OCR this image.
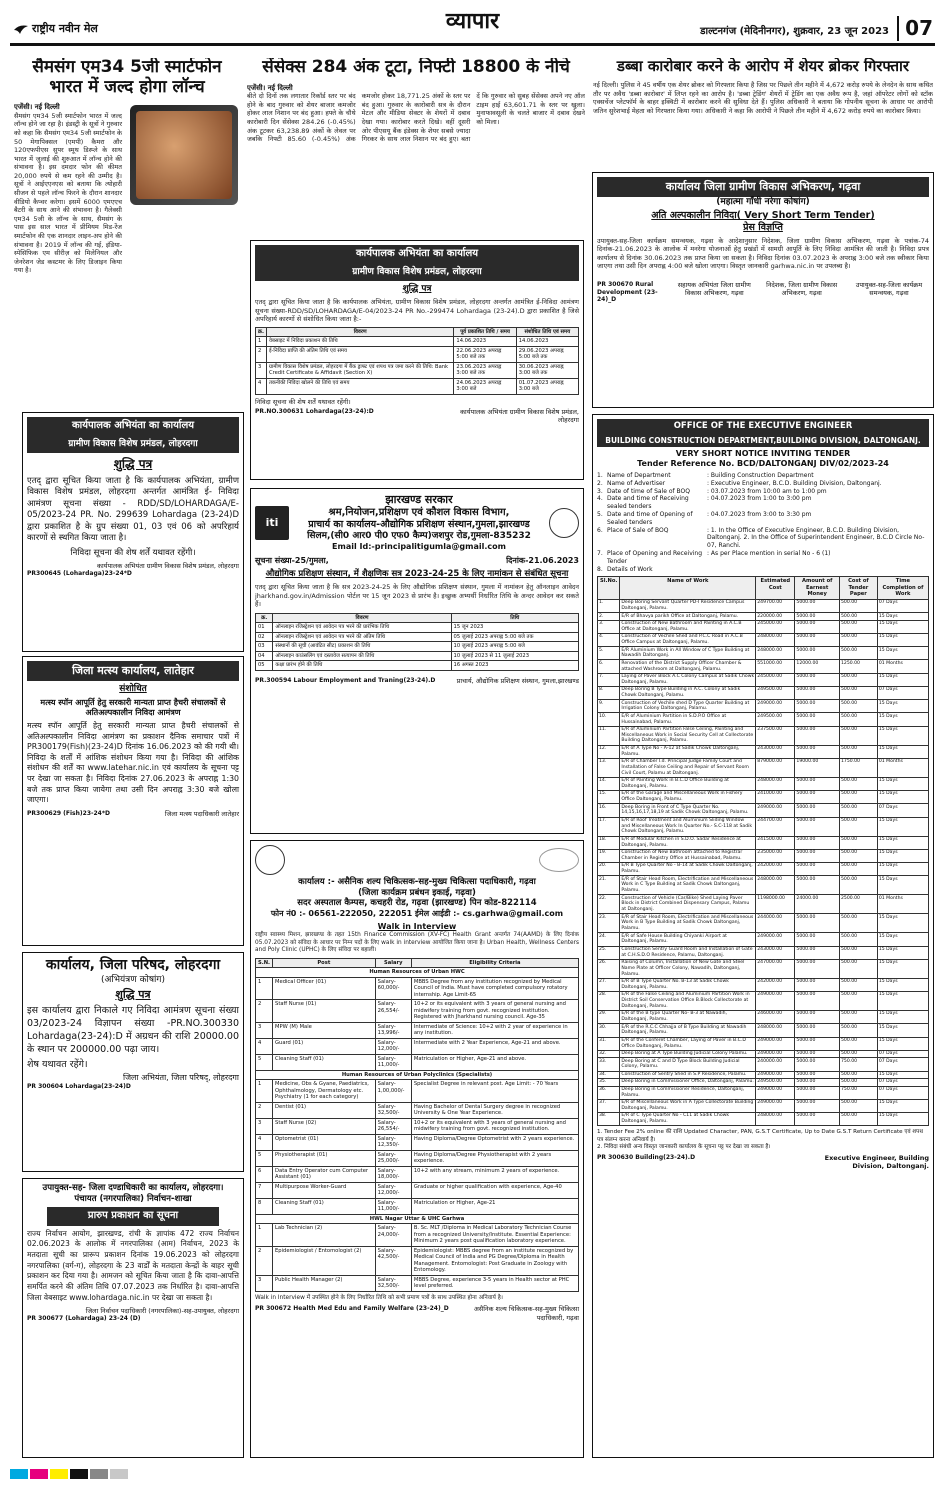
राष्ट्रीय नवीन मेल	व्यापार	डाल्टनगंज (मेदिनीनगर), शुक्रवार, 23 जून 2023 07
सैमसंग एम34 5जी स्मार्टफोन भारत में जल्द होगा लॉन्च
एजेंसी। नई दिल्ली
सैमसंग एम34 5जी स्मार्टफोन भारत में जल्द लॉन्च होने जा रहा है। इंडस्ट्री के सूत्रों ने गुरुवार को कहा कि सैमसंग एम34 5जी स्मार्टफोन के 50 मेगापिक्सल (एमपी) कैमरा और 120एफपीएस सुपर स्मूथ डिस्प्ले के साथ भारत में जुलाई की शुरुआत में लॉन्च होने की संभावना है। इस दमदार फोन की कीमत 20,000 रुपये से कम रहने की उम्मीद है। सूत्रों ने आईएएनएस को बताया कि त्योहारी सीजन से पहले लॉन्च फिरने के दौरान शानदार वीडियो कैप्चर करेगा। इसमें 6000 एमएएच बैटरी के साथ आने की संभावना है। गैलेक्सी एम34 5जी के लॉन्च के साथ, सैमसंग के पास इस साल भारत में प्रीमियम मिड-रेंज स्मार्टफोन की एक शानदार लाइन-अप होने की संभावना है। 2019 में लॉन्च की गई, इंडिया-स्पेसिफिक एम सीरीज़ को मिलेनियल और जेनरेशन जेड कस्टमर के लिए डिजाइन किया गया है।
सेंसेक्स 284 अंक टूटा, निफ्टी 18800 के नीचे
एजेंसी। नई दिल्ली
बीते दो दिनों तक लगातार रिकॉर्ड स्तर पर बंद होने के बाद गुरुवार को शेयर बाजार कमजोर होकर लाल निशान पर बंद हुआ। हफ्ते के चौथे कारोबारी दिन सेंसेक्स 284.26 (-0.45%) अंक टूटकर 63,238.89 अंकों के लेवल पर जबकि निफ्टी 85.60 (-0.45%) अंक कमजोर होकर 18,771.25 अंकों के स्तर पर बंद हुआ। गुरुवार के कारोबारी सत्र के दौरान मेटल और मीडिया सेक्टर के शेयरों में दबाव देखा गया। कारोबार करते दिखे। वहीं दूसरी ओर पीएसयू बैंक इंडेक्स के शेयर सबसे ज्यादा गिरकर के साथ लाल निशान पर बंद हुए। बता दें कि गुरुवार को सुबह सेंसेक्स अपने नए ऑल टाइम हाई 63,601.71 के स्तर पर खुला। मुनाफावसूली के चलते बाजार में दबाव देखने को मिला।
डब्बा कारोबार करने के आरोप में शेयर ब्रोकर गिरफ्तार
नई दिल्ली। पुलिस ने 45 वर्षीय एक शेयर ब्रोकर को गिरफ्तार किया है जिस पर पिछले तीन महीने में 4,672 करोड़ रुपये के लेनदेन के साथ कथित तौर पर अवैध 'डब्बा कारोबार' में लिप्त रहने का आरोप है। 'डब्बा ट्रेडिंग' शेयरों में ट्रेडिंग का एक अवैध रूप है, जहां ऑपरेटर लोगों को स्टॉक एक्सचेंज प्लेटफॉर्म के बाहर इक्विटी में कारोबार करने की सुविधा देते हैं। पुलिस अधिकारी ने बताया कि गोपनीय सूचना के आधार पर आरोपी जतिन सुरेशभाई मेहता को गिरफ्तार किया गया। अधिकारी ने कहा कि आरोपी ने पिछले तीन महीने में 4,672 करोड़ रुपये का कारोबार किया।
कार्यपालक अभियंता का कार्यालय
ग्रामीण विकास विशेष प्रमंडल, लोहरदगा
शुद्धि पत्र
एतद् द्वारा सूचित किया जाता है कि कार्यपालक अभियंता, ग्रामीण विकास विशेष प्रमंडल, लोहरदगा अन्तर्गत आमंत्रित ई-निविदा आमंत्रण सूचना संख्या-RDD/SD/LOHARDAGA/E-04/2023-24 PR No.-299474 Lohardaga (23-24).D द्वारा प्रकाशित है जिसे अपरिहार्य कारणों से संशोधित किया जाता है:-
क्र.	विवरण	पूर्व प्रकाशित तिथि / समय	संशोधित तिथि एवं समय
1	वेबसाइट में निविदा प्रकाशन की तिथि	14.06.2023	14.06.2023
2	ई-निविदा प्राप्ति की अंतिम तिथि एवं समय	22.06.2023 अपराह्न 5:00 बजे तक	29.06.2023 अपराह्न 5:00 बजे तक
3	ग्रामीण विकास विशेष प्रमंडल, लोहरदगा में बैंक ड्राफ्ट एवं शपथ पत्र जमा करने की तिथि: Bank Credit Certificate & Affidavit (Section X)	23.06.2023 अपराह्न 3:00 बजे तक	30.06.2023 अपराह्न 3:00 बजे तक
4	तकनीकी निविदा खोलने की तिथि एवं समय	24.06.2023 अपराह्न 3:00 बजे	01.07.2023 अपराह्न 3:00 बजे
निविदा सूचना की शेष शर्तें यथावत रहेंगी।
PR.NO.300631 Lohardaga(23-24):D	कार्यपालक अभियंता ग्रामीण विकास विशेष प्रमंडल, लोहरदगा
कार्यपालक अभियंता का कार्यालय
ग्रामीण विकास विशेष प्रमंडल, लोहरदगा
शुद्धि पत्र
एतद् द्वारा सूचित किया जाता है कि कार्यपालक अभियंता, ग्रामीण विकास विशेष प्रमंडल, लोहरदगा अन्तर्गत आमंत्रित ई- निविदा आमंत्रण सूचना संख्या - RDD/SD/LOHARDAGA/E-05/2023-24 PR. No. 299639 Lohardaga (23-24)D द्वारा प्रकाशित है के ग्रुप संख्या 01, 03 एवं 06 को अपरिहार्य कारणों से स्थगित किया जाता है।
निविदा सूचना की शेष शर्तें यथावत रहेंगी।
कार्यपालक अभियंता ग्रामीण विकास विशेष प्रमंडल, लोहरदगा
PR300645 (Lohardaga)23-24*D
जिला मत्स्य कार्यालय, लातेहार
संशोधित
मत्स्य स्पॉन आपूर्ति हेतु सरकारी मान्यता प्राप्त हैचरी संचालकों से अतिअल्पकालीन निविदा आमंत्रण
मत्स्य स्पॉन आपूर्ति हेतु सरकारी मान्यता प्राप्त हैचरी संचालकों से अतिअल्पकालीन निविदा आमंत्रण का प्रकाशन दैनिक समाचार पत्रों में PR300179(Fish)(23-24)D दिनांक 16.06.2023 को की गयी थी। निविदा के शर्तों में आंशिक संशोधन किया गया है। निविदा की आंशिक संशोधन की शर्तें का www.latehar.nic.in एवं कार्यालय के सूचना पट्ट पर देखा जा सकता है। निविदा दिनांक 27.06.2023 के अपराह्न 1:30 बजे तक प्राप्त किया जायेगा तथा उसी दिन अपराह्न 3:30 बजे खोला जाएगा।
PR300629 (Fish)23-24*D	जिला मत्स्य पदाधिकारी लातेहार
कार्यालय, जिला परिषद, लोहरदगा
(अभियंत्रण कोषांग)
शुद्धि पत्र
इस कार्यालय द्वारा निकाले गए निविदा आमंत्रण सूचना संख्या 03/2023-24 विज्ञापन संख्या -PR.NO.300330 Lohardaga(23-24):D में अग्रधन की राशि 20000.00 के स्थान पर 200000.00 पढ़ा जाय।
शेष यथावत रहेंगे।
जिला अभियंता, जिला परिषद्, लोहरदगा
PR 300604 Lohardaga(23-24)D
उपायुक्त-सह- जिला दण्डाधिकारी का कार्यालय, लोहरदगा।
पंचायत (नगरपालिका) निर्वाचन-शाखा
प्रारुप प्रकाशन का सूचना
राज्य निर्वाचन आयोग, झारखण्ड, रांची के ज्ञापांक 472 राज्य निर्वाचन 02.06.2023 के आलोक में नगरपालिका (आम) निर्वाचन, 2023 के मतदाता सूची का प्रारूप प्रकाशन दिनांक 19.06.2023 को लोहरदगा नगरपालिका (वर्ग-ग), लोहरदगा के 23 वार्डों के मतदाता केन्द्रों के बाहर सूची प्रकाशन कर दिया गया है। आमजन को सूचित किया जाता है कि दावा-आपत्ति समर्पित करने की अंतिम तिथि 07.07.2023 तक निर्धारित है। दावा-आपत्ति जिला वेबसाइट www.lohardaga.nic.in पर देखा जा सकता है।
जिला निर्वाचन पदाधिकारी (नगरपालिका)-सह-उपायुक्त, लोहरदगा
PR 300677 (Lohardaga) 23-24 (D)
iti
झारखण्ड सरकार
श्रम,नियोजन,प्रशिक्षण एवं कौशल विकास विभाग,
प्राचार्य का कार्यालय-औद्योगिक प्रशिक्षण संस्थान,गुमला,झारखण्ड
सिलम,(सी0 आर0 पी0 एफ0 कैम्प)जशपुर रोड,गुमला-835232
Email Id:-principalitigumla@gmail.com
सूचना संख्या-25/गुमला,	दिनांक-21.06.2023
औद्योगिक प्रशिक्षण संस्थान, में शैक्षणिक सत्र 2023-24-25 के लिए नामांकन से संबंधित सूचना
एतद् द्वारा सूचित किया जाता है कि सत्र 2023-24-25 के लिए औद्योगिक प्रशिक्षण संस्थान, गुमला में नामांकन हेतु ऑनलाइन आवेदन jharkhand.gov.in/Admission पोर्टल पर 15 जून 2023 से प्रारंभ है। इच्छुक अभ्यर्थी निर्धारित तिथि के अन्दर आवेदन कर सकते हैं।
क्र.	विवरण	तिथि
01	ऑनलाइन रजिस्ट्रेशन एवं आवेदन पत्र भरने की प्रारंभिक तिथि	15 जून 2023
02	ऑनलाइन रजिस्ट्रेशन एवं आवेदन पत्र भरने की अंतिम तिथि	05 जुलाई 2023 अपराह्न 5:00 बजे तक
03	संस्थानों की सूची (आवंटित सीट) प्रकाशन की तिथि	10 जुलाई 2023 अपराह्न 5:00 बजे
04	ऑनलाइन काउंसलिंग एवं दस्तावेज सत्यापन की तिथि	10 जुलाई 2023 से 11 जुलाई 2023
05	कक्षा प्रारंभ होने की तिथि	16 अगस्त 2023
PR.300594 Labour Employment and Traning(23-24).D	प्राचार्य, औद्योगिक प्रशिक्षण संस्थान, गुमला,झारखण्ड
कार्यालय :- असैनिक शल्य चिकित्सक-सह-मुख्य चिकित्सा पदाधिकारी, गढ़वा
(जिला कार्यक्रम प्रबंधन इकाई, गढ़वा)
सदर अस्पताल कैम्पस, कचहरी रोड, गढ़वा (झारखण्ड) पिन कोड-822114
फोन नं0 :- 06561-222050, 222051 ईमेल आईडी :- cs.garhwa@gmail.com
Walk in Interview
राष्ट्रीय स्वास्थ्य मिशन, झारखण्ड के तहत 15th Finance Commission (XV-FC) Health Grant अन्तर्गत 74(AAMD) के लिए दिनांक 05.07.2023 को संविदा के आधार पर निम्न पदों के लिए walk in interview आयोजित किया जाना है। Urban Health, Wellness Centers and Poly Clinic (UPHC) के लिए संविदा पर बहाली।
S.N.	Post	Salary	Eligibility Criteria
Human Resources of Urban HWC			
1	Medical Officer (01)	Salary-60,000/-	MBBS Degree from any institution recognized by Medical Council of India. Must have completed compulsory rotatory internship. Age Limit-65
2	Staff Nurse (01)	Salary-26,554/-	10+2 or its equivalent with 3 years of general nursing and midwifery training from govt. recognized institution. Registered with Jharkhand nursing council. Age-35
3	MPW (M) Male	Salary-13,996/-	Intermediate of Science: 10+2 with 2 year of experience in any institution.
4	Guard (01)	Salary-12,000/-	Intermediate with 2 Year Experience, Age-21 and above.
5	Cleaning Staff (01)	Salary-11,000/-	Matriculation or Higher, Age-21 and above.
Human Resources of Urban Polyclinics (Specialists)			
1	Medicine, Obs & Gyane, Paediatrics, Ophthalmology, Dermatology etc. Psychiatry (1 for each category)	Salary-1,00,000/-	Specialist Degree in relevant post. Age Limit: - 70 Years
2	Dentist (01)	Salary-32,500/-	Having Bachelor of Dental Surgery degree in recognized University & One Year Experience.
3	Staff Nurse (02)	Salary-26,554/-	10+2 or its equivalent with 3 years of general nursing and midwifery training from govt. recognized institution.
4	Optometrist (01)	Salary-12,350/-	Having Diploma/Degree Optometrist with 2 years experience.
5	Physiotherapist (01)	Salary-25,000/-	Having Diploma/Degree Physiotherapist with 2 years experience.
6	Data Entry Operator cum Computer Assistant (01)	Salary-18,000/-	10+2 with any stream, minimum 2 years of experience.
7	Multipurpose Worker-Guard	Salary-12,000/-	Graduate or higher qualification with experience, Age-40
8	Cleaning Staff (01)	Salary-11,000/-	Matriculation or Higher, Age-21
HWL Nagar Uttar & UHC Garhwa			
1	Lab Technician (2)	Salary-24,000/-	B. Sc. MLT /Diploma in Medical Laboratory Technician Course from a recognized University/Institute. Essential Experience: Minimum 2 years post qualification laboratory experience.
2	Epidemiologist / Entomologist (2)	Salary-42,500/-	Epidemiologist: MBBS degree from an institute recognized by Medical Council of India and PG Degree/Diploma in Health Management. Entomologist: Post Graduate in Zoology with Entomology.
3	Public Health Manager (2)	Salary-32,500/-	MBBS Degree, experience 3-5 years in Health sector at PHC level preferred.
Walk in Interview में उपस्थित होने के लिए निर्धारित तिथि को सभी प्रमाण पत्रों के साथ उपस्थित होना अनिवार्य है।
PR 300672 Health Med Edu and Family Welfare (23-24)_D	असैनिक शल्य चिकित्सक-सह-मुख्य चिकित्सा पदाधिकारी, गढ़वा
कार्यालय जिला ग्रामीण विकास अभिकरण, गढ़वा
(महात्मा गाँधी नरेगा कोषांग)
अति अल्पकालीन निविदा( Very Short Term Tender)
प्रेस विज्ञप्ति
उपायुक्त-सह-जिला कार्यक्रम समन्वयक, गढ़वा के आदेशानुसार निदेशक, जिला ग्रामीण विकास अभिकरण, गढ़वा के पत्रांक-74 दिनांक-21.06.2023 के आलोक में मनरेगा योजनाओं हेतु प्रखंडों में सामग्री आपूर्ति के लिए निविदा आमंत्रित की जाती है। निविदा प्रपत्र कार्यालय से दिनांक 30.06.2023 तक प्राप्त किया जा सकता है। निविदा दिनांक 03.07.2023 के अपराह्न 3:00 बजे तक स्वीकार किया जाएगा तथा उसी दिन अपराह्न 4:00 बजे खोला जाएगा। विस्तृत जानकारी garhwa.nic.in पर उपलब्ध है।
PR 300670 Rural Development (23-24)_D
सहायक अभियंता जिला ग्रामीण विकास अभिकरण, गढ़वा
निदेशक, जिला ग्रामीण विकास अभिकरण, गढ़वा
उपायुक्त-सह-जिला कार्यक्रम समन्वयक, गढ़वा
OFFICE OF THE EXECUTIVE ENGINEER
BUILDING CONSTRUCTION DEPARTMENT,BUILDING DIVISION, DALTONGANJ.
VERY SHORT NOTICE INVITING TENDER
Tender Reference No. BCD/DALTONGANJ DIV/02/2023-24
1. Name of Department	: Building Construction Department
2. Name of Advertiser	: Executive Engineer, B.C.D. Building Division, Daltonganj.
3. Date of time of Sale of BOQ	: 03.07.2023 from 10:00 am to 1:00 pm
4. Date and time of Receiving sealed tenders
: 04.07.2023 from 1:00 to 3:00 pm
5. Date and time of Opening of Sealed tenders
: 04.07.2023 from 3:00 to 3:30 pm
6. Place of Sale of BOQ	: 1. In the Office of Executive Engineer, B.C.D. Building Division, Daltonganj. 2. In the Office of Superintendent Engineer, B.C.D Circle No-07, Ranchi.
7. Place of Opening and Receiving Tender
: As per Place mention in serial No - 6 (1)
8. Details of Work
Sl.No.	Name of Work	Estimated Cost	Amount of Earnest Money	Cost of Tender Paper	Time Completion of Work
1.	Deep Boring Servant Quarter PD-I Residence Campus Daltonganj, Palamu.	249700.00	5000.00	500.00	07 Days
2.	E/R of Bhavya parikh Office at Daltonganj, Palamu.	220000.00	5000.00	500.00	15 Days
3.	Construction of New Bathroom and Painting in A.C.B Office at Daltonganj, Palamu.	245000.00	5000.00	500.00	15 Days
4.	Construction of Vechile Shed and P.C.C Road in A.C.B Office Campus at Daltonganj, Palamu.	248000.00	5000.00	500.00	15 Days
5.	E/R Aluminium Work in All Window of C Type Building at Nawadih Daltonganj.	248000.00	5000.00	500.00	15 Days
6.	Renovation of the District Supply Officer Chamber & attached Washroom at Daltonganj, Palamu.	551000.00	12000.00	1250.00	01 Months
7.	Laying of Paver Block A.C Colony Campus at Sadik Chowk Daltonganj, Palamu.	245000.00	5000.00	500.00	15 Days
8.	Deep Boring B Type Building in A.C. Colony at Sadik Chowk Daltonganj, Palamu.	249500.00	5000.00	500.00	07 Days
9.	Construction of Vechile shed D Type Quarter Building at Irrigation Colony Daltonganj, Palamu.	249000.00	5000.00	500.00	15 Days
10.	E/R of Aluminium Partition in S.D.P.O Office at Hussainabad, Palamu.	249500.00	5000.00	500.00	15 Days
11.	E/R of Aluminium Partition False Ceiling, Painting and Miscellaneous Work in Social Security Cell at Collectorate Building Daltonganj, Palamu.	237500.00	5000.00	500.00	15 Days
12.	E/R of A Type No - A-12 at Sadik Chowk Daltonganj, Palamu.	243000.00	5000.00	500.00	15 Days
13.	E/R of Chamber I.d. Principal Judge Family Court and Installation of False Ceiling and Repair of Servant Room Civil Court, Palamu at Daltonganj.	879000.00	19000.00	1750.00	01 Months
14.	E/R of Painting Work in B.C.D Office Building at Daltonganj, Palamu.	248000.00	5000.00	500.00	15 Days
15.	E/R of the Garage and Miscellaneous Work in Fishery Office Daltonganj, Palamu.	241000.00	5000.00	500.00	15 Days
16.	Deep Boring in Front of C Type Quarter No. 14,15,16,17,18,19 at Sadik Chowk Daltonganj, Palamu.	249000.00	5000.00	500.00	07 Days
17.	E/R of Roof Treatment and Aluminium Sliding Window and Miscellaneous Work In Quarter No.- S.C-118 at Sadik Chowk Daltonganj, Palamu.	244700.00	5000.00	500.00	15 Days
18.	E/R of Modular Kitchen in S.D.O. Sadar Residence at Daltonganj, Palamu.	241500.00	5000.00	500.00	15 Days
19.	Construction of New Bathroom attached to Registrar Chamber in Registry Office at Hussainabad, Palamu.	235000.00	5000.00	500.00	15 Days
20.	E/R B Type Quarter No - B-14 at Sadik Chowk Daltonganj, Palamu.	242000.00	5000.00	500.00	15 Days
21.	E/R of Stair Head Room, Electrification and Miscellaneous Work in C Type Building at Sadik Chowk Daltonganj, Palamu.	248000.00	5000.00	500.00	15 Days
22.	Construction of Vehicle (Car/Bike) Shed Laying Paver Block in District Combined Dispensary Campus, Palamu at Daltonganj.	1198000.00	24000.00	2500.00	01 Months
23.	E/R of Stair Head Room, Electrification and Miscellaneous Work in B Type Building at Sadik Chowk Daltonganj, Palamu.	244000.00	5000.00	500.00	15 Days
24.	E/R of Safe House Building Chiyanki Airport at Daltonganj, Palamu.	249000.00	5000.00	500.00	15 Days
25.	Construction Sentry Guard Room and Installation of Gate at C.H.S.D.O Residence, Palamu, Daltonganj.	243000.00	5000.00	500.00	15 Days
26.	Raising of Column, Installation of New Gate and Steel Name Plate at Officer Colony, Nawadih, Daltonganj, Palamu.	247000.00	5000.00	500.00	15 Days
27.	E/R of B Type Quarter No. B-13 at Sadik Chowk Daltonganj, Palamu.	242000.00	5000.00	500.00	15 Days
28.	E/R of the False Ceiling and Aluminium Partition Work in District Soil Conservation Office B.Block Collectorate at Daltonganj, Palamu.	249000.00	5000.00	500.00	15 Days
29.	E/R of the B type Quarter No- B-3 at Nawadih, Daltonganj, Palamu.	246000.00	5000.00	500.00	15 Days
30.	E/R of the R.C.C Chhajja of B Type Building at Nawadih Daltonganj, Palamu.	248000.00	5000.00	500.00	15 Days
31.	E/R of the Conferet Chamber, Laying of Paver in B.C.D Office Daltonganj, Palamu.	249000.00	5000.00	500.00	15 Days
32.	Deep Boring at A Type Building Judicial Colony Palamu.	249000.00	5000.00	500.00	07 Days
33.	Deep Boring at C and D Type Block Building Judicial Colony, Palamu.	240000.00	5000.00	750.00	07 Days
34.	Construction of Sentry Shed in S.P Residence, Palamu.	249000.00	5000.00	500.00	15 Days
35.	Deep Boring in Commissioner Office, Daltonganj, Palamu.	249500.00	5000.00	500.00	07 Days
36.	Deep Boring in Commissioner Residence, Daltonganj, Palamu.	249000.00	5000.00	750.00	07 Days
37.	E/R of Miscellaneous Work in A Type Collectorate Building Daltonganj, Palamu.	249000.00	5000.00	500.00	15 Days
38.	E/R of C Type Quarter No - C11 at Sadik Chowk Daltonganj, Palamu.	248000.00	5000.00	500.00	15 Days
1. Tender Fee 2% online की राशि Updated Character, PAN, G.S.T Certificate, Up to Date G.S.T Return Certificate एवं शपथ पत्र संलग्न करना अनिवार्य है।
2. निविदा संबंधी अन्य विस्तृत जानकारी कार्यालय के सूचना पट्ट पर देखा जा सकता है।
PR 300630 Building(23-24).D	Executive Engineer, Building Division, Daltonganj.
